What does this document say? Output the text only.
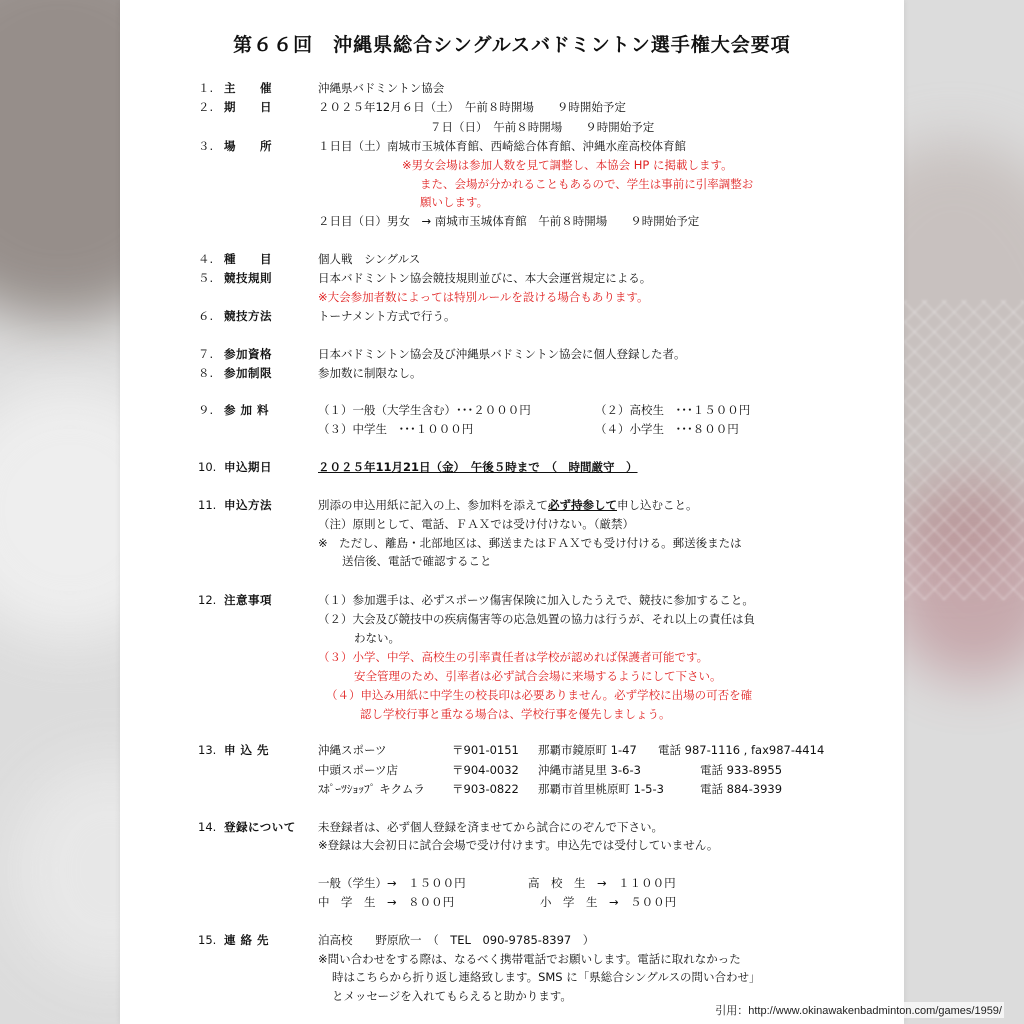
第６６回　沖縄県総合シングルスバドミントン選手権大会要項
１. 主　　催	沖縄県バドミントン協会
２. 期　　日	２０２５年12月６日（土）　午前８時開場　　９時開始予定
７日（日）　午前８時開場　　９時開始予定
３. 場　　所	１日目（土）南城市玉城体育館、西崎総合体育館、沖縄水産高校体育館
※男女会場は参加人数を見て調整し、本協会 HP に掲載します。
また、会場が分かれることもあるので、学生は事前に引率調整お
願いします。
２日目（日）男女　→ 南城市玉城体育館　午前８時開場　　９時開始予定
４. 種　　目	個人戦　シングルス
５. 競技規則	日本バドミントン協会競技規則並びに、本大会運営規定による。
※大会参加者数によっては特別ルールを設ける場合もあります。
６. 競技方法	トーナメント方式で行う。
７. 参加資格	日本バドミントン協会及び沖縄県バドミントン協会に個人登録した者。
８. 参加制限	参加数に制限なし。
９. 参 加 料	（１）一般（大学生含む）･･･２０００円	（２）高校生　･･･１５００円
（３）中学生　･･･１０００円	（４）小学生　･･･８００円
10. 申込期日	２０２５年11月21日（金）　午後５時まで　（　時間厳守　）
11. 申込方法	別添の申込用紙に記入の上、参加料を添えて必ず持参して申し込むこと。
（注）原則として、電話、ＦＡＸでは受け付けない。（厳禁）
※　ただし、離島・北部地区は、郵送またはＦＡＸでも受け付ける。郵送後または
送信後、電話で確認すること
12. 注意事項	（１）参加選手は、必ずスポーツ傷害保険に加入したうえで、競技に参加すること。
（２）大会及び競技中の疾病傷害等の応急処置の協力は行うが、それ以上の責任は負
わない。
（３）小学、中学、高校生の引率責任者は学校が認めれば保護者可能です。
安全管理のため、引率者は必ず試合会場に来場するようにして下さい。
（４）申込み用紙に中学生の校長印は必要ありません。必ず学校に出場の可否を確
認し学校行事と重なる場合は、学校行事を優先しましょう。
13. 申 込 先	沖縄スポーツ	〒901-0151 那覇市鏡原町 1-47 電話 987-1116 , fax987-4414
中頭スポーツ店	〒904-0032 沖縄市諸見里 3-6-3	電話 933-8955
ｽﾎﾟｰﾂｼｮｯﾌﾟ キクムラ 〒903-0822 那覇市首里桃原町 1-5-3	電話 884-3939
14. 登録について 未登録者は、必ず個人登録を済ませてから試合にのぞんで下さい。
※登録は大会初日に試合会場で受け付けます。申込先では受付していません。
一般（学生）→　１５００円	高　校　生　→　１１００円
中　学　生　→　８００円	小　学　生　→　５００円
15. 連 絡 先	泊高校　　野原欣一　（　TEL　090-9785-8397　）
※問い合わせをする際は、なるべく携帯電話でお願いします。電話に取れなかった
時はこちらから折り返し連絡致します。SMS に「県総合シングルスの問い合わせ」
とメッセージを入れてもらえると助かります。
引用：http://www.okinawakenbadminton.com/games/1959/
